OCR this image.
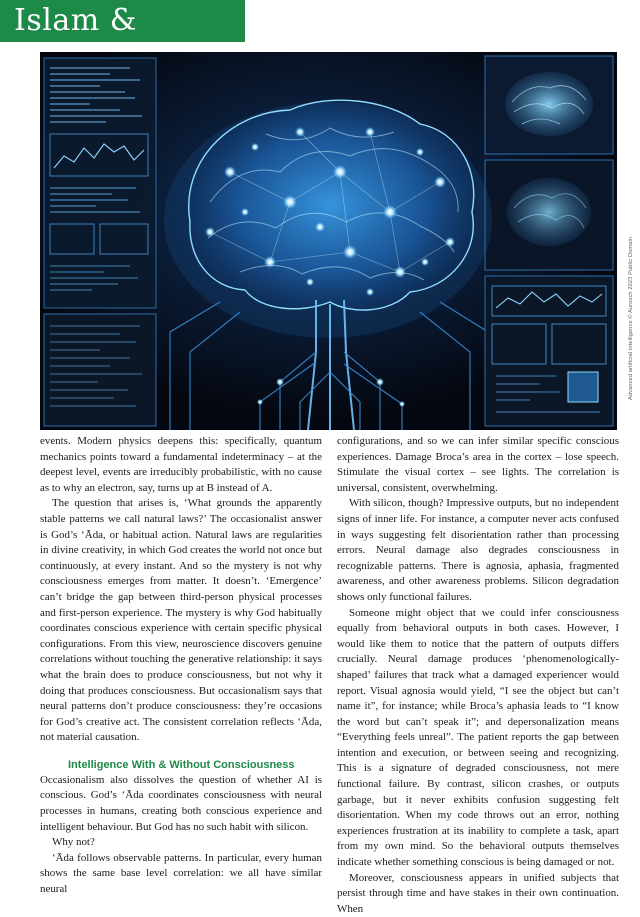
Islam &
Advanced artificial intelligence © Aurosch 2023 Public Domain

events. Modern physics deepens this: specifically, quantum mechanics points toward a fundamental indeterminacy – at the deepest level, events are irreducibly probabilistic, with no cause as to why an electron, say, turns up at B instead of A.

The question that arises is, ‘What grounds the apparently stable patterns we call natural laws?’ The occasionalist answer is God’s ‘Āda, or habitual action. Natural laws are regularities in divine creativity, in which God creates the world not once but continuously, at every instant. And so the mystery is not why consciousness emerges from matter. It doesn’t. ‘Emergence’ can’t bridge the gap between third-person physical processes and first-person experience. The mystery is why God habitually coordinates conscious experience with certain specific physical configurations. From this view, neuroscience discovers genuine correlations without touching the generative relationship: it says what the brain does to produce consciousness, but not why it doing that produces consciousness. But occasionalism says that neural patterns don’t produce consciousness: they’re occasions for God’s creative act. The consistent correlation reflects ‘Āda, not material causation.

Intelligence With & Without Consciousness

Occasionalism also dissolves the question of whether AI is conscious. God’s ‘Āda coordinates consciousness with neural processes in humans, creating both conscious experience and intelligent behaviour. But God has no such habit with silicon.

Why not?

‘Āda follows observable patterns. In particular, every human shows the same base level correlation: we all have similar neural

configurations, and so we can infer similar specific conscious experiences. Damage Broca’s area in the cortex – lose speech. Stimulate the visual cortex – see lights. The correlation is universal, consistent, overwhelming.

With silicon, though? Impressive outputs, but no independent signs of inner life. For instance, a computer never acts confused in ways suggesting felt disorientation rather than processing errors. Neural damage also degrades consciousness in recognizable patterns. There is agnosia, aphasia, fragmented awareness, and other awareness problems. Silicon degradation shows only functional failures.

Someone might object that we could infer consciousness equally from behavioral outputs in both cases. However, I would like them to notice that the pattern of outputs differs crucially. Neural damage produces ‘phenomenologically-shaped’ failures that track what a damaged experiencer would report. Visual agnosia would yield, “I see the object but can’t name it”, for instance; while Broca’s aphasia leads to “I know the word but can’t speak it”; and depersonalization means “Everything feels unreal”. The patient reports the gap between intention and execution, or between seeing and recognizing. This is a signature of degraded consciousness, not mere functional failure. By contrast, silicon crashes, or outputs garbage, but it never exhibits confusion suggesting felt disorientation. When my code throws out an error, nothing experiences frustration at its inability to complete a task, apart from my own mind. So the behavioral outputs themselves indicate whether something conscious is being damaged or not.

Moreover, consciousness appears in unified subjects that persist through time and have stakes in their own continuation. When
